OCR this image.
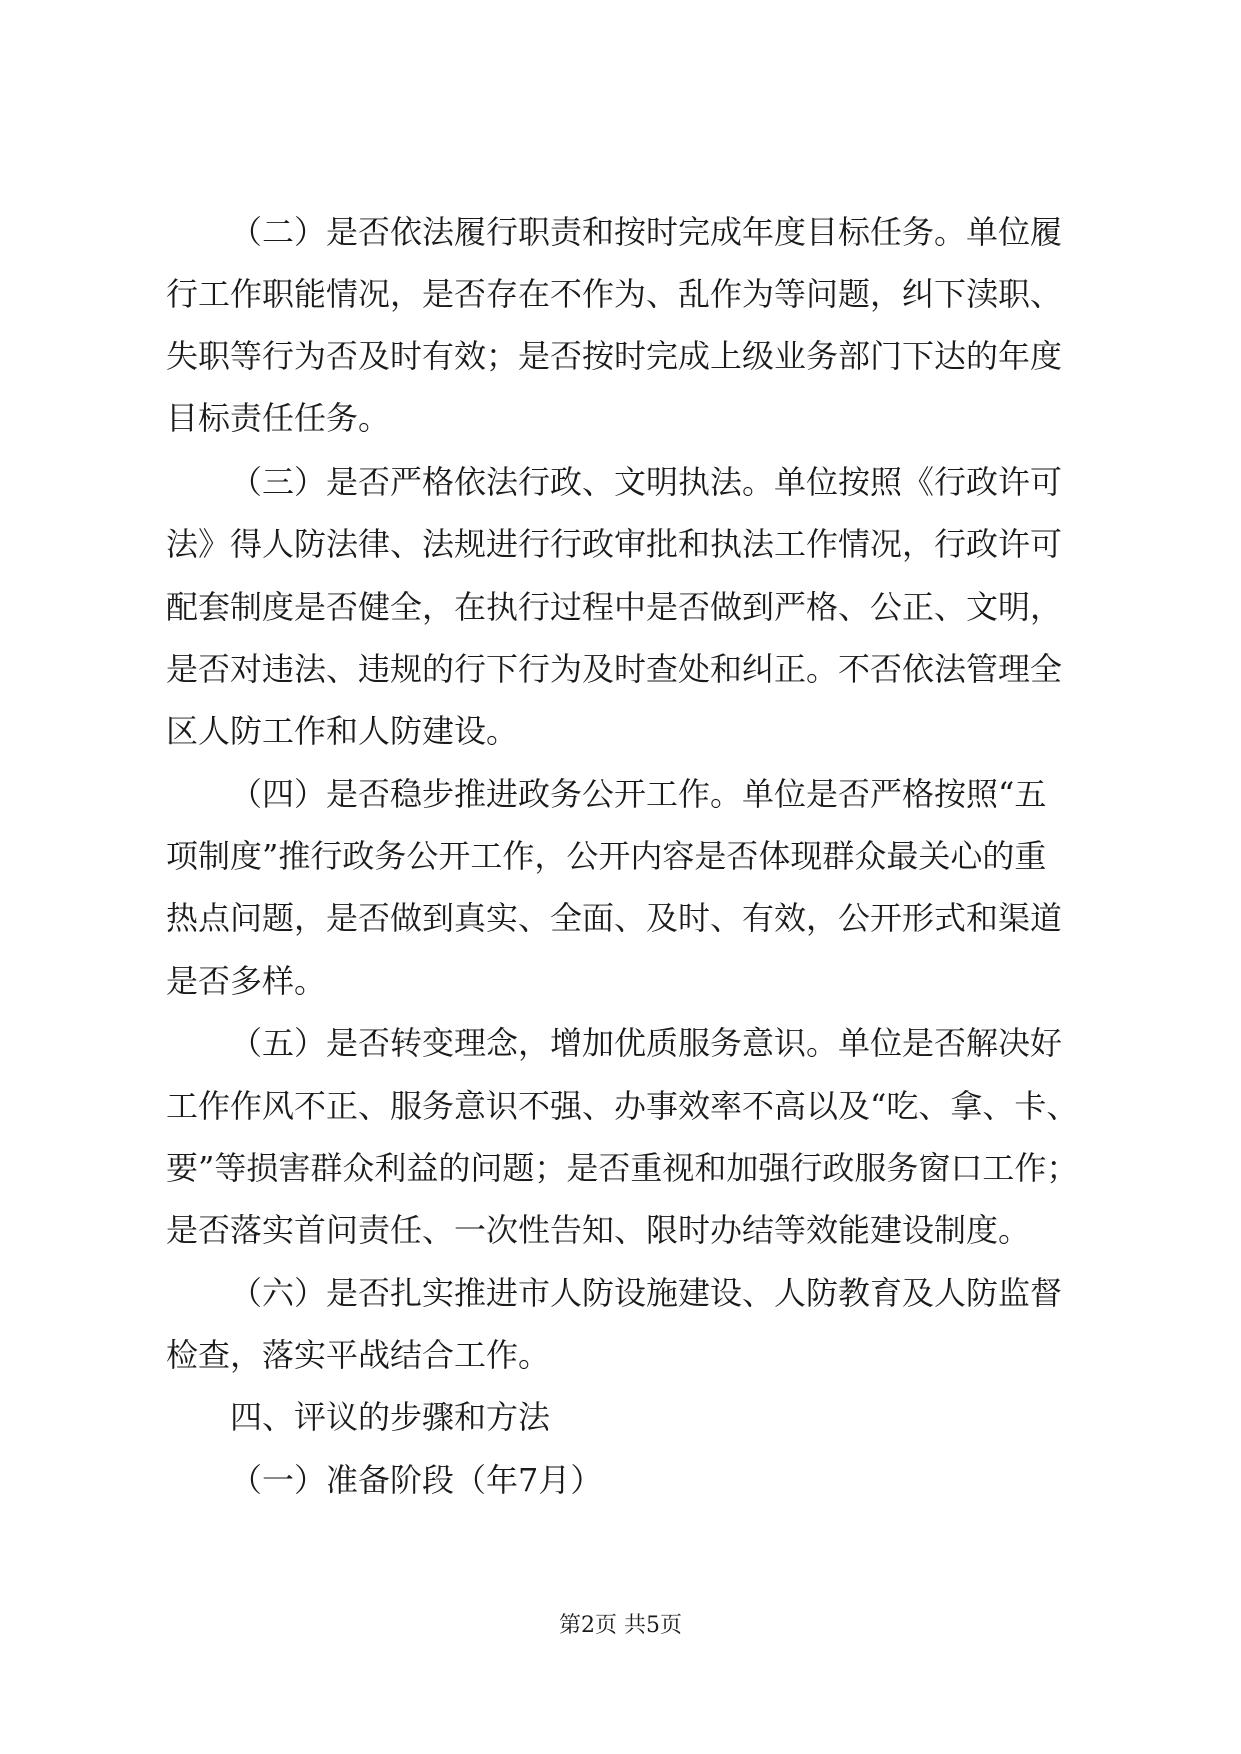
（二）是否依法履行职责和按时完成年度目标任务。单位履
行工作职能情况，是否存在不作为、乱作为等问题，纠下渎职、
失职等行为否及时有效；是否按时完成上级业务部门下达的年度
目标责任任务。
（三）是否严格依法行政、文明执法。单位按照《行政许可
法》得人防法律、法规进行行政审批和执法工作情况，行政许可
配套制度是否健全，在执行过程中是否做到严格、公正、文明，
是否对违法、违规的行下行为及时查处和纠正。不否依法管理全
区人防工作和人防建设。
（四）是否稳步推进政务公开工作。单位是否严格按照“五
项制度”推行政务公开工作，公开内容是否体现群众最关心的重
热点问题，是否做到真实、全面、及时、有效，公开形式和渠道
是否多样。
（五）是否转变理念，增加优质服务意识。单位是否解决好
工作作风不正、服务意识不强、办事效率不高以及“吃、拿、卡、
要”等损害群众利益的问题；是否重视和加强行政服务窗口工作；
是否落实首问责任、一次性告知、限时办结等效能建设制度。
（六）是否扎实推进市人防设施建设、人防教育及人防监督
检查，落实平战结合工作。
四、评议的步骤和方法
（一）准备阶段（年7月）
第2页 共5页
